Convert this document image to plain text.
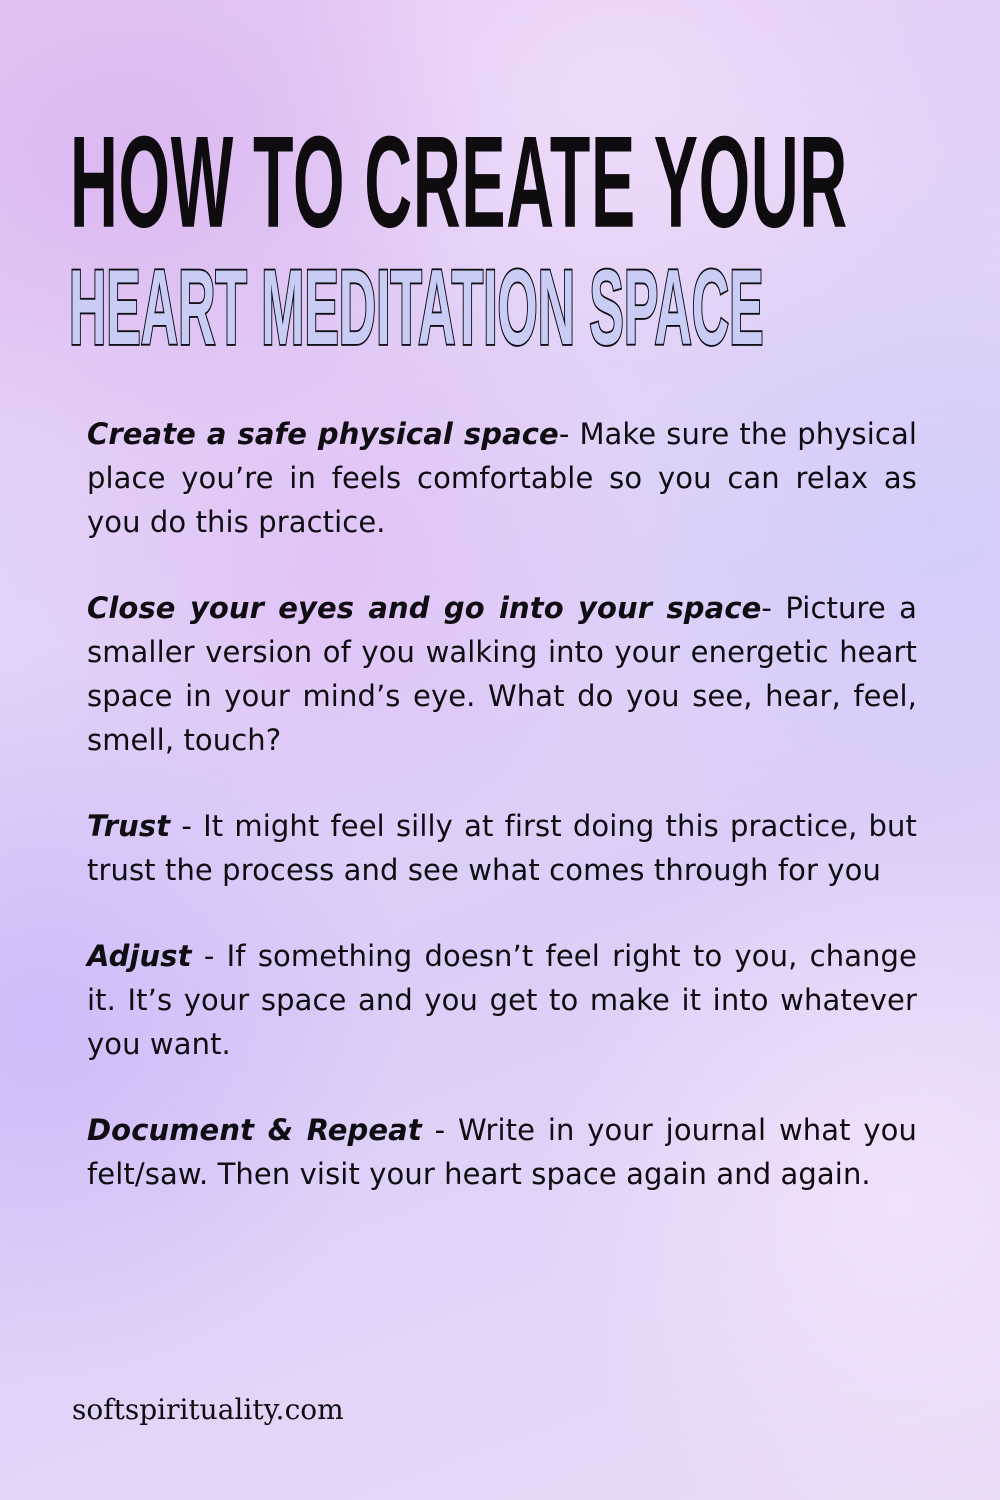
HOW TO CREATE YOUR
HEART MEDITATION SPACE

Create a safe physical space- Make sure the physical place you’re in feels comfortable so you can relax as you do this practice.

Close your eyes and go into your space- Picture a smaller version of you walking into your energetic heart space in your mind’s eye. What do you see, hear, feel, smell, touch?

Trust - It might feel silly at first doing this practice, but trust the process and see what comes through for you

Adjust - If something doesn’t feel right to you, change it. It’s your space and you get to make it into whatever you want.

Document & Repeat - Write in your journal what you felt/saw. Then visit your heart space again and again.

softspirituality.com
